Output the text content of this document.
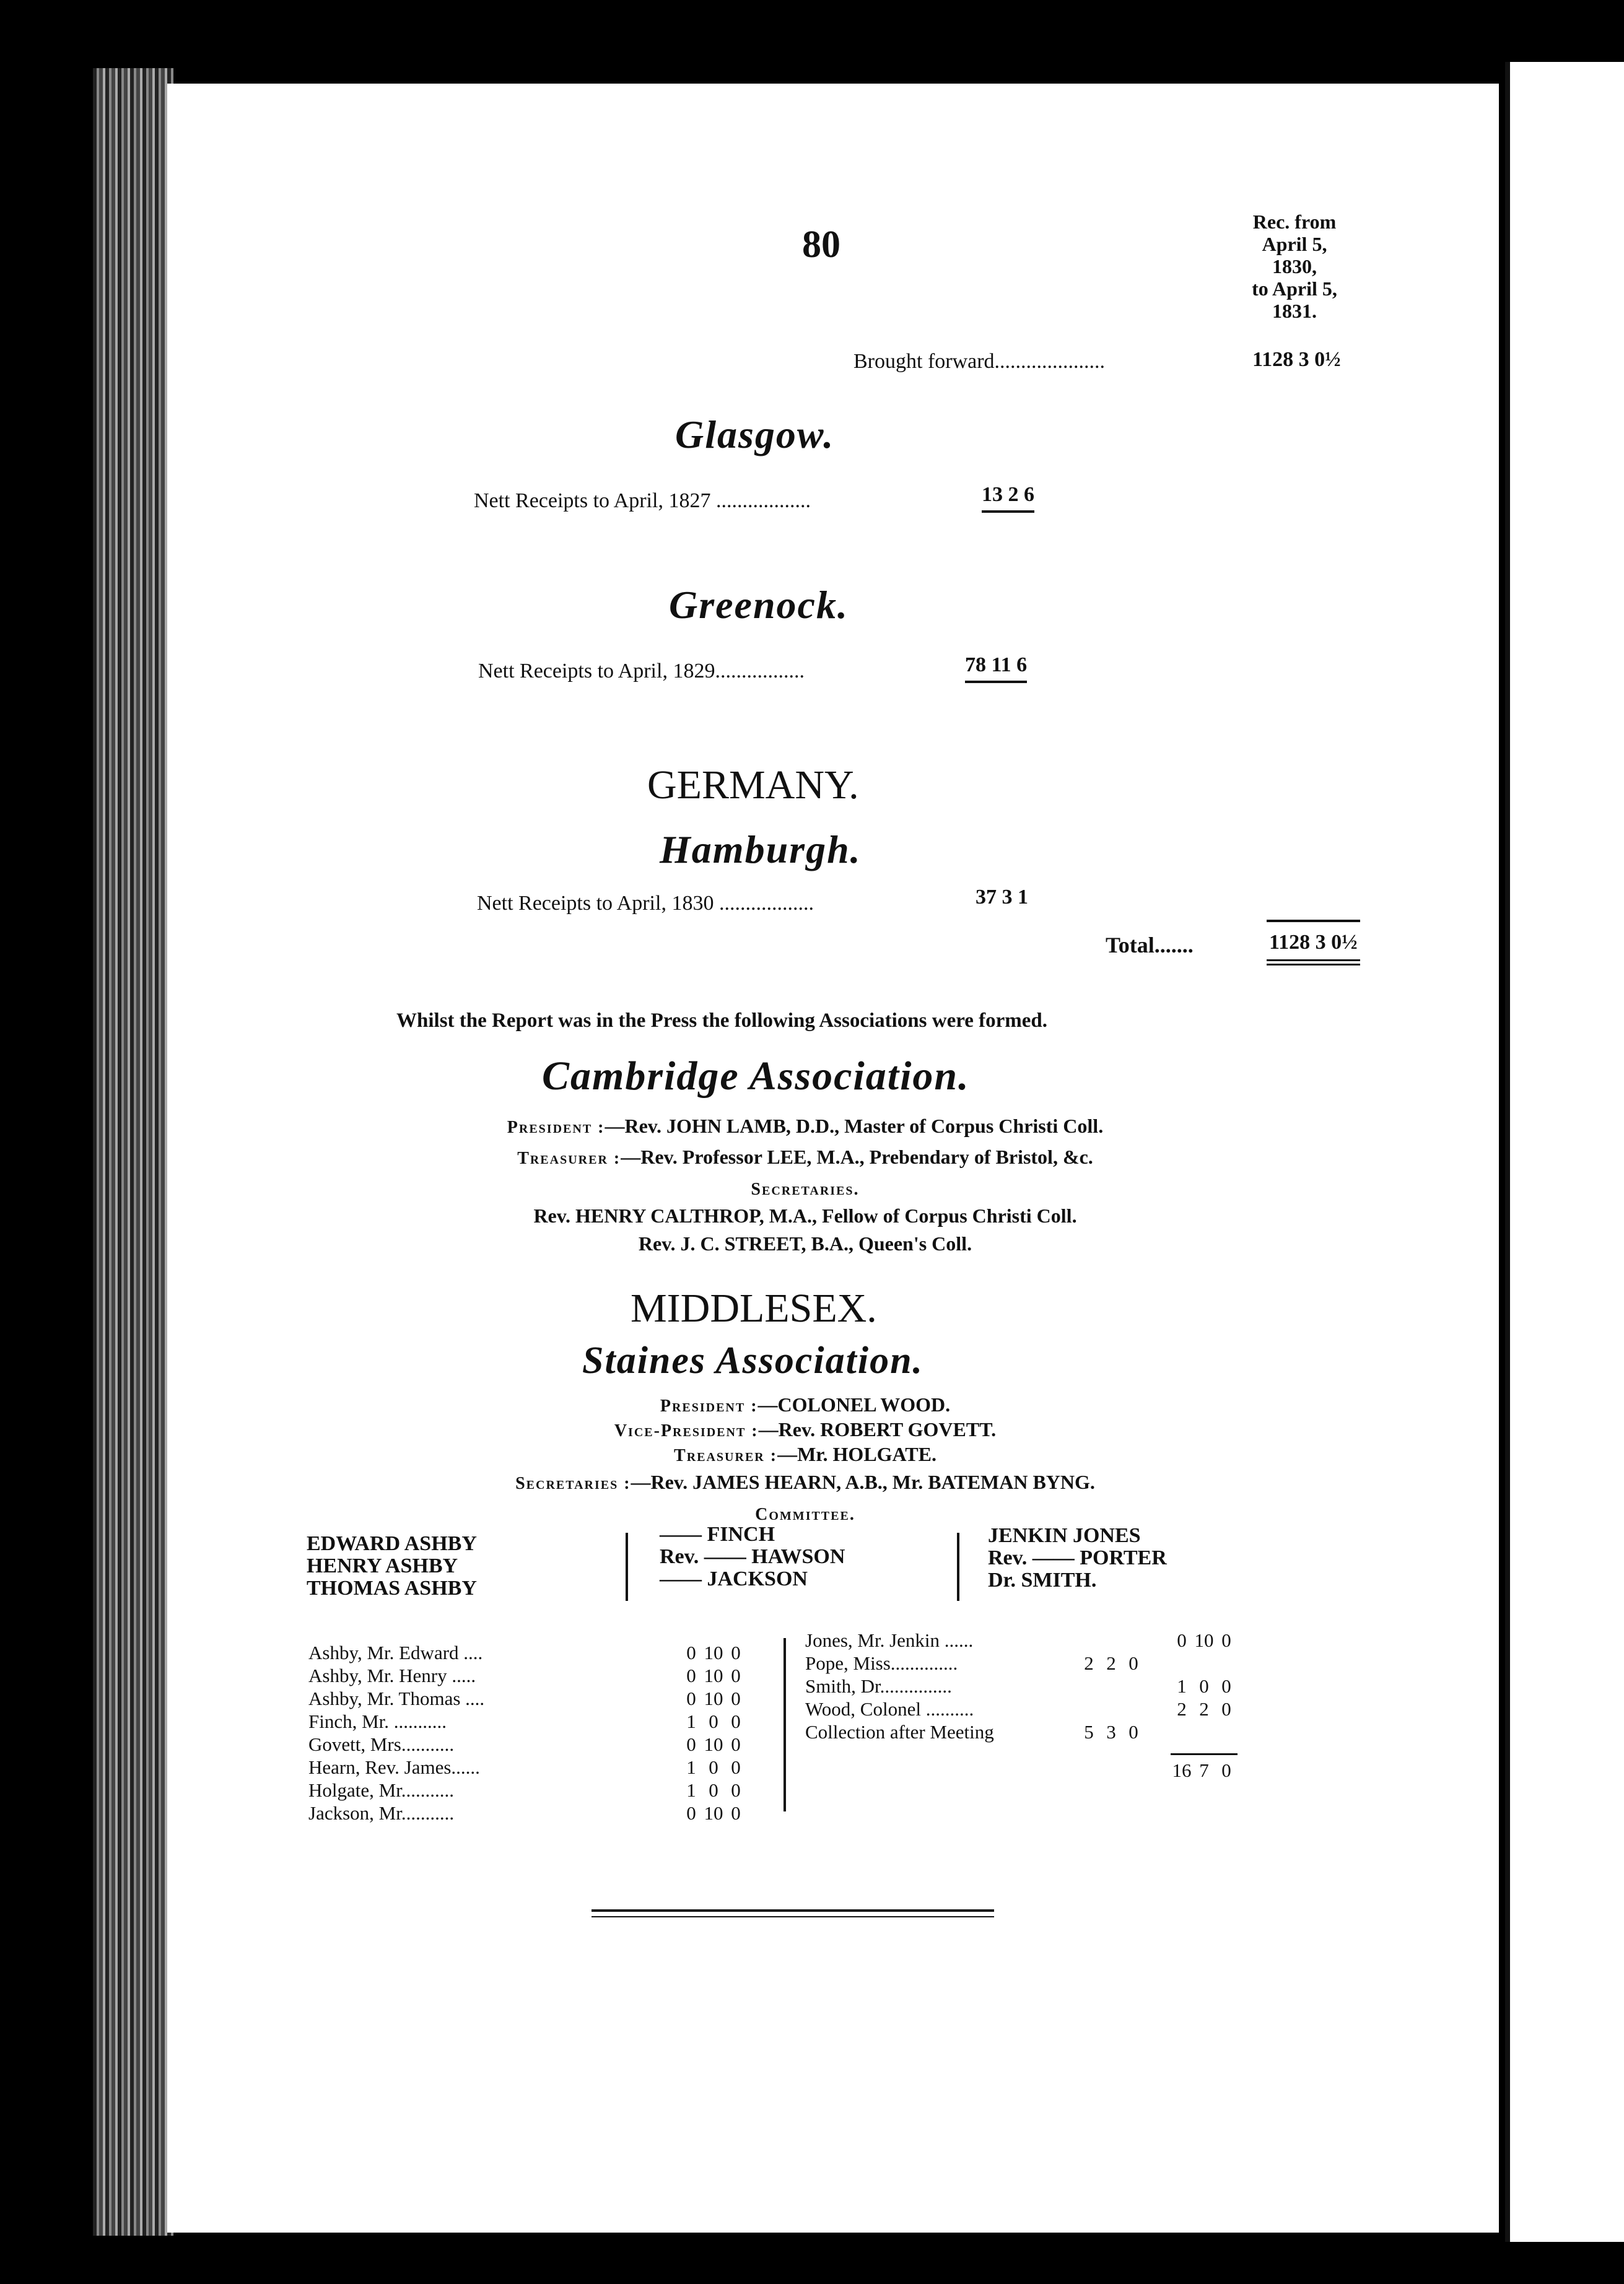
80
Rec. from
April 5,
1830,
to April 5,
1831.
Brought forward.....................	1128 3 0½
Glasgow.
Nett Receipts to April, 1827 ..................	13 2 6
Greenock.
Nett Receipts to April, 1829.................	78 11 6
GERMANY.
Hamburgh.
Nett Receipts to April, 1830 ..................	37 3 1
Total.......	1128 3 0½
Whilst the Report was in the Press the following Associations were formed.
Cambridge Association.
President :—Rev. JOHN LAMB, D.D., Master of Corpus Christi Coll.
Treasurer :—Rev. Professor LEE, M.A., Prebendary of Bristol, &c.
Secretaries.
Rev. HENRY CALTHROP, M.A., Fellow of Corpus Christi Coll.
Rev. J. C. STREET, B.A., Queen's Coll.
MIDDLESEX.
Staines Association.
President :—COLONEL WOOD.
Vice-President :—Rev. ROBERT GOVETT.
Treasurer :—Mr. HOLGATE.
Secretaries :—Rev. JAMES HEARN, A.B., Mr. BATEMAN BYNG.
Committee.
EDWARD ASHBY
HENRY ASHBY
THOMAS ASHBY
—— FINCH
Rev. —— HAWSON
—— JACKSON
JENKIN JONES
Rev. —— PORTER
Dr. SMITH.
Ashby, Mr. Edward ....	0 10 0
Ashby, Mr. Henry .....	0 10 0
Ashby, Mr. Thomas ....	0 10 0
Finch, Mr. ...........	1 0 0
Govett, Mrs...........	0 10 0
Hearn, Rev. James......	1 0 0
Holgate, Mr...........	1 0 0
Jackson, Mr...........	0 10 0
Jones, Mr. Jenkin ......	0 10 0
Pope, Miss..............	2 2 0
Smith, Dr...............	1 0 0
Wood, Colonel ..........	2 2 0
Collection after Meeting	5 3 0
16 7 0
